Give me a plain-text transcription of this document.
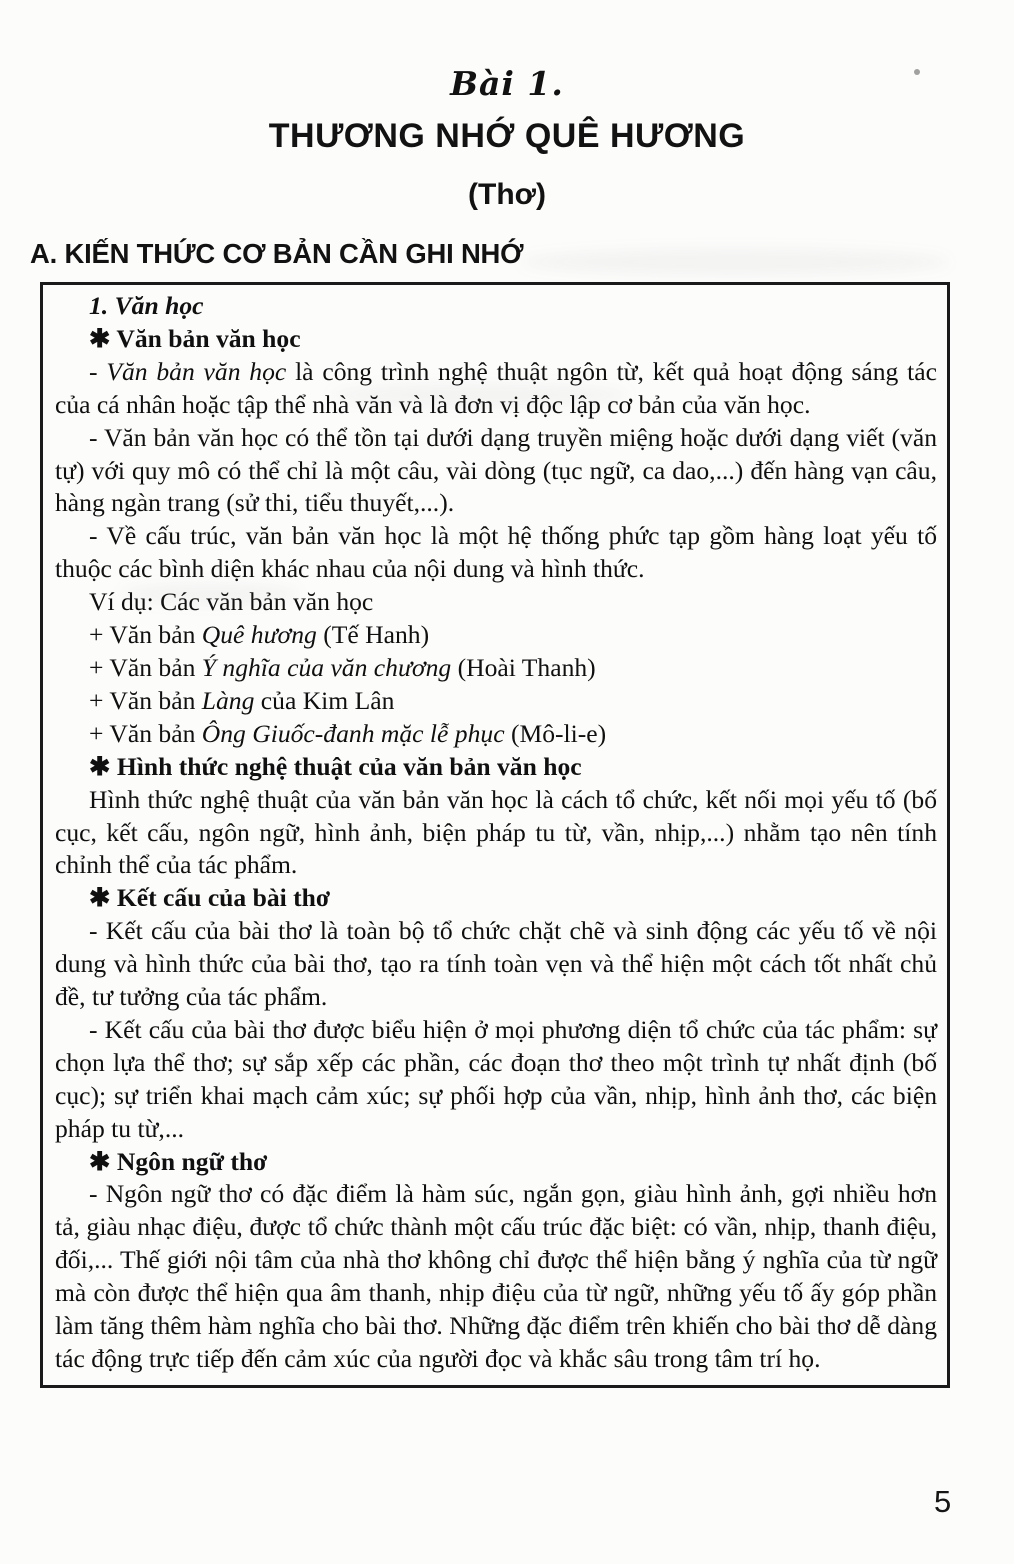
Bài 1.
THƯƠNG NHỚ QUÊ HƯƠNG
(Thơ)
A. KIẾN THỨC CƠ BẢN CẦN GHI NHỚ

1. Văn học

✱ Văn bản văn học

- Văn bản văn học là công trình nghệ thuật ngôn từ, kết quả hoạt động sáng tác của cá nhân hoặc tập thể nhà văn và là đơn vị độc lập cơ bản của văn học.

- Văn bản văn học có thể tồn tại dưới dạng truyền miệng hoặc dưới dạng viết (văn tự) với quy mô có thể chỉ là một câu, vài dòng (tục ngữ, ca dao,...) đến hàng vạn câu, hàng ngàn trang (sử thi, tiểu thuyết,...).

- Về cấu trúc, văn bản văn học là một hệ thống phức tạp gồm hàng loạt yếu tố thuộc các bình diện khác nhau của nội dung và hình thức.

Ví dụ: Các văn bản văn học

+ Văn bản Quê hương (Tế Hanh)

+ Văn bản Ý nghĩa của văn chương (Hoài Thanh)

+ Văn bản Làng của Kim Lân

+ Văn bản Ông Giuốc-đanh mặc lễ phục (Mô-li-e)

✱ Hình thức nghệ thuật của văn bản văn học

Hình thức nghệ thuật của văn bản văn học là cách tổ chức, kết nối mọi yếu tố (bố cục, kết cấu, ngôn ngữ, hình ảnh, biện pháp tu từ, vần, nhịp,...) nhằm tạo nên tính chỉnh thể của tác phẩm.

✱ Kết cấu của bài thơ

- Kết cấu của bài thơ là toàn bộ tổ chức chặt chẽ và sinh động các yếu tố về nội dung và hình thức của bài thơ, tạo ra tính toàn vẹn và thể hiện một cách tốt nhất chủ đề, tư tưởng của tác phẩm.

- Kết cấu của bài thơ được biểu hiện ở mọi phương diện tổ chức của tác phẩm: sự chọn lựa thể thơ; sự sắp xếp các phần, các đoạn thơ theo một trình tự nhất định (bố cục); sự triển khai mạch cảm xúc; sự phối hợp của vần, nhịp, hình ảnh thơ, các biện pháp tu từ,...

✱ Ngôn ngữ thơ

- Ngôn ngữ thơ có đặc điểm là hàm súc, ngắn gọn, giàu hình ảnh, gợi nhiều hơn tả, giàu nhạc điệu, được tổ chức thành một cấu trúc đặc biệt: có vần, nhịp, thanh điệu, đối,... Thế giới nội tâm của nhà thơ không chỉ được thể hiện bằng ý nghĩa của từ ngữ mà còn được thể hiện qua âm thanh, nhịp điệu của từ ngữ, những yếu tố ấy góp phần làm tăng thêm hàm nghĩa cho bài thơ. Những đặc điểm trên khiến cho bài thơ dễ dàng tác động trực tiếp đến cảm xúc của người đọc và khắc sâu trong tâm trí họ.

5
